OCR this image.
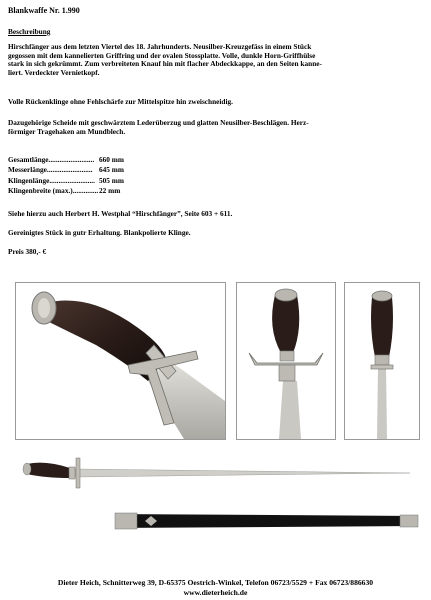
Blankwaffe Nr. 1.990
Beschreibung
Hirschfänger aus dem letzten Viertel des 18. Jahrhunderts. Neusilber-Kreuzgefäss in einem Stück
gegossen mit dem kannelierten Griffring und der ovalen Stossplatte. Volle, dunkle Horn-Griffhülse
stark in sich gekrümmt. Zum verbreiteten Knauf hin mit flacher Abdeckkappe, an den Seiten kanne-
liert. Verdeckter Vernietkopf.
Volle Rückenklinge ohne Fehlschärfe zur Mittelspitze hin zweischneidig.
Dazugehörige Scheide mit geschwärztem Lederüberzug und glatten Neusilber-Beschlägen. Herz-
förmiger Tragehaken am Mundblech.
Gesamtlänge......................... 660 mm
Messerlänge......................... 645 mm
Klingenlänge......................... 505 mm
Klingenbreite (max.).............. 22 mm
Siehe hierzu auch Herbert H. Westphal “Hirschfänger”, Seite 603 + 611.
Gereinigtes Stück in gutr Erhaltung. Blankpolierte Klinge.
Preis 380,- €
Dieter Heich, Schnitterweg 39, D-65375 Oestrich-Winkel, Telefon 06723/5529 + Fax 06723/886630
www.dieterheich.de
